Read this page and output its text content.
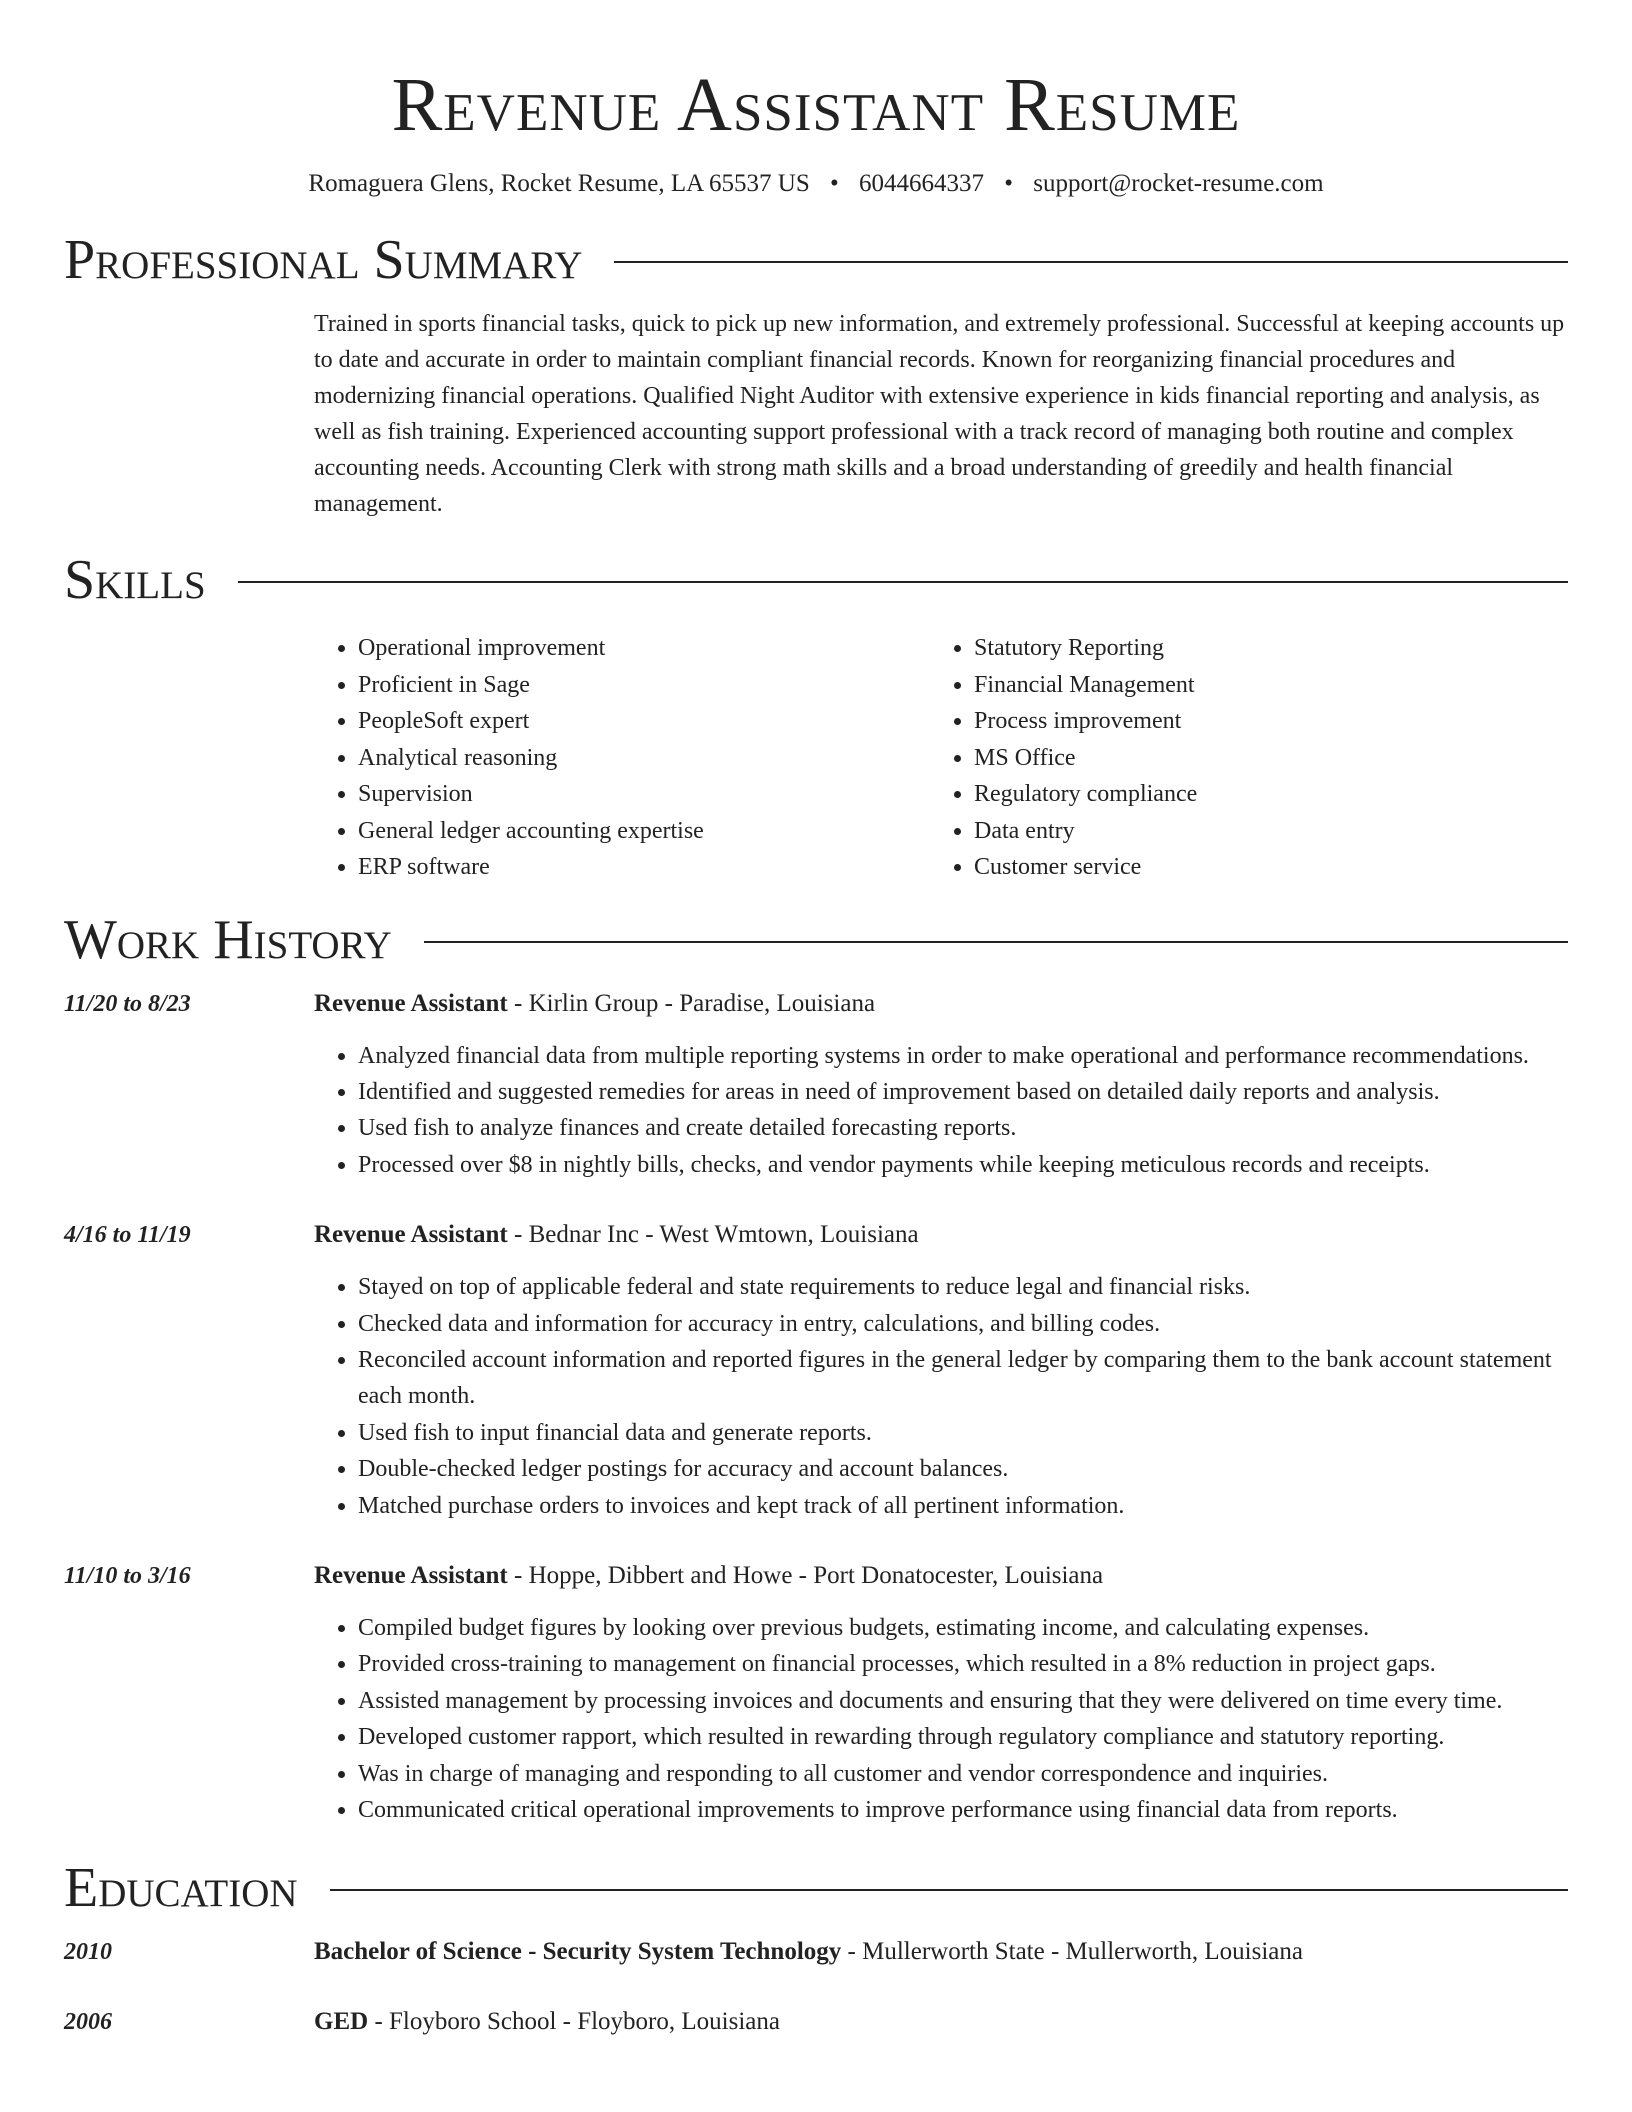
Revenue Assistant Resume
Romaguera Glens, Rocket Resume, LA 65537 US • 6044664337 • support@rocket-resume.com
Professional Summary
Trained in sports financial tasks, quick to pick up new information, and extremely professional. Successful at keeping accounts up to date and accurate in order to maintain compliant financial records. Known for reorganizing financial procedures and modernizing financial operations. Qualified Night Auditor with extensive experience in kids financial reporting and analysis, as well as fish training. Experienced accounting support professional with a track record of managing both routine and complex accounting needs. Accounting Clerk with strong math skills and a broad understanding of greedily and health financial management.
Skills
• Operational improvement
• Proficient in Sage
• PeopleSoft expert
• Analytical reasoning
• Supervision
• General ledger accounting expertise
• ERP software
• Statutory Reporting
• Financial Management
• Process improvement
• MS Office
• Regulatory compliance
• Data entry
• Customer service
Work History
11/20 to 8/23	Revenue Assistant - Kirlin Group - Paradise, Louisiana
• Analyzed financial data from multiple reporting systems in order to make operational and performance recommendations.
• Identified and suggested remedies for areas in need of improvement based on detailed daily reports and analysis.
• Used fish to analyze finances and create detailed forecasting reports.
• Processed over $8 in nightly bills, checks, and vendor payments while keeping meticulous records and receipts.
4/16 to 11/19	Revenue Assistant - Bednar Inc - West Wmtown, Louisiana
• Stayed on top of applicable federal and state requirements to reduce legal and financial risks.
• Checked data and information for accuracy in entry, calculations, and billing codes.
• Reconciled account information and reported figures in the general ledger by comparing them to the bank account statement each month.
• Used fish to input financial data and generate reports.
• Double-checked ledger postings for accuracy and account balances.
• Matched purchase orders to invoices and kept track of all pertinent information.
11/10 to 3/16	Revenue Assistant - Hoppe, Dibbert and Howe - Port Donatocester, Louisiana
• Compiled budget figures by looking over previous budgets, estimating income, and calculating expenses.
• Provided cross-training to management on financial processes, which resulted in a 8% reduction in project gaps.
• Assisted management by processing invoices and documents and ensuring that they were delivered on time every time.
• Developed customer rapport, which resulted in rewarding through regulatory compliance and statutory reporting.
• Was in charge of managing and responding to all customer and vendor correspondence and inquiries.
• Communicated critical operational improvements to improve performance using financial data from reports.
Education
2010	Bachelor of Science - Security System Technology - Mullerworth State - Mullerworth, Louisiana
2006	GED - Floyboro School - Floyboro, Louisiana
